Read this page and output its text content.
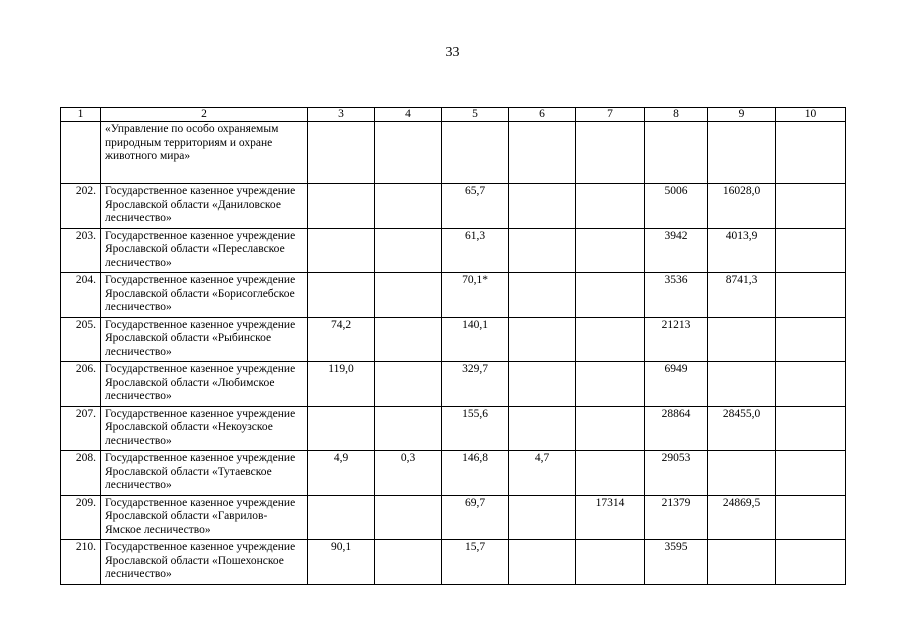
33
1	2	3	4	5	6	7	8	9	10
	«Управление по особо охраняемым природным территориям и охране животного мира»								
202.	Государственное казенное учреждение Ярославской области «Даниловское лесничество»			65,7			5006	16028,0	
203.	Государственное казенное учреждение Ярославской области «Переславское лесничество»			61,3			3942	4013,9	
204.	Государственное казенное учреждение Ярославской области «Борисоглебское лесничество»			70,1*			3536	8741,3	
205.	Государственное казенное учреждение Ярославской области «Рыбинское лесничество»	74,2		140,1			21213		
206.	Государственное казенное учреждение Ярославской области «Любимское лесничество»	119,0		329,7			6949		
207.	Государственное казенное учреждение Ярославской области «Некоузское лесничество»			155,6			28864	28455,0	
208.	Государственное казенное учреждение Ярославской области «Тутаевское лесничество»	4,9	0,3	146,8	4,7		29053		
209.	Государственное казенное учреждение Ярославской области «Гаврилов-Ямское лесничество»			69,7		17314	21379	24869,5	
210.	Государственное казенное учреждение Ярославской области «Пошехонское лесничество»	90,1		15,7			3595		
